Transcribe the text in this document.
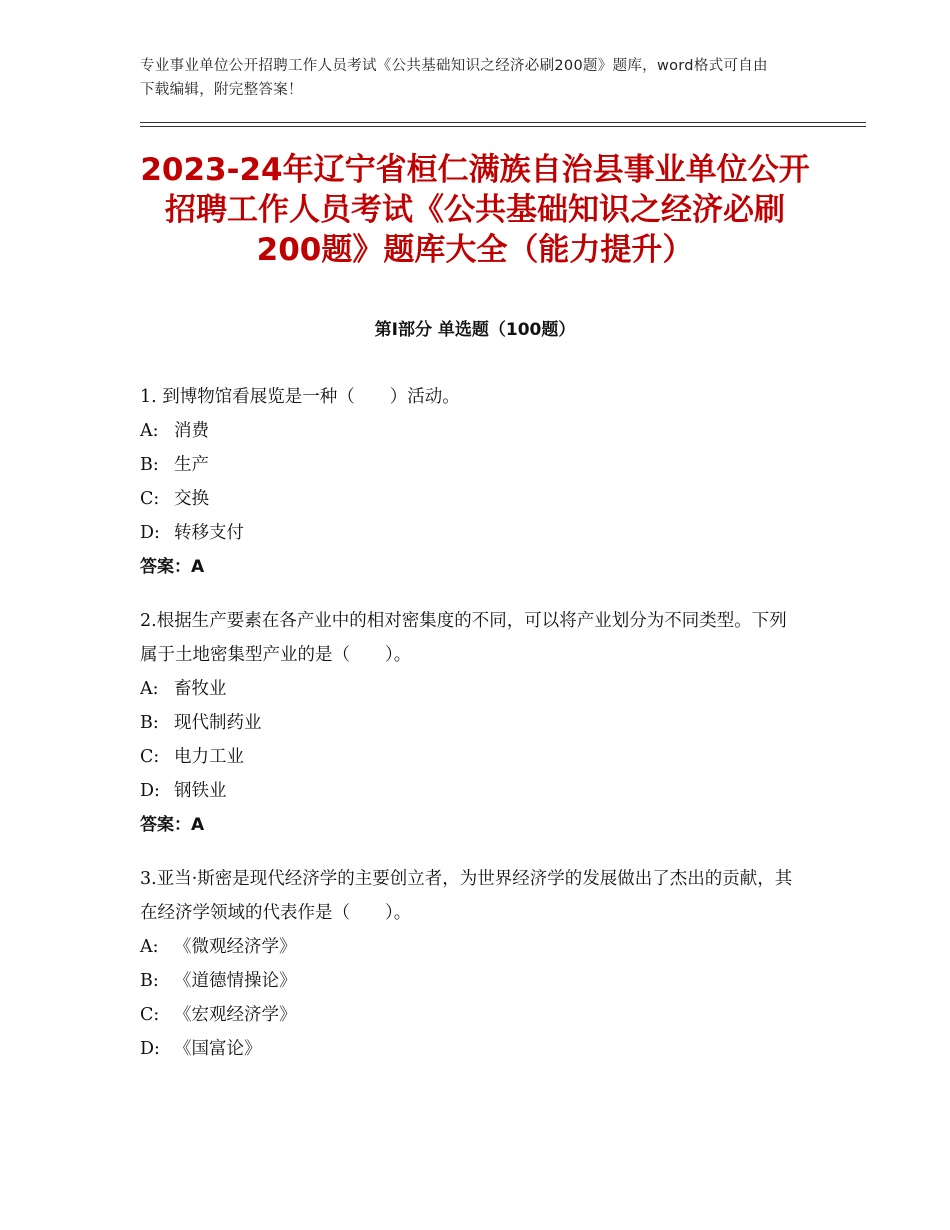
专业事业单位公开招聘工作人员考试《公共基础知识之经济必刷200题》题库，word格式可自由下载编辑，附完整答案！
2023-24年辽宁省桓仁满族自治县事业单位公开招聘工作人员考试《公共基础知识之经济必刷200题》题库大全（能力提升）
第Ⅰ部分 单选题（100题）
1. 到博物馆看展览是一种（　　）活动。
A: 消费
B: 生产
C: 交换
D: 转移支付
答案：A
2.根据生产要素在各产业中的相对密集度的不同，可以将产业划分为不同类型。下列属于土地密集型产业的是（　　）。
A: 畜牧业
B: 现代制药业
C: 电力工业
D: 钢铁业
答案：A
3.亚当·斯密是现代经济学的主要创立者，为世界经济学的发展做出了杰出的贡献，其在经济学领域的代表作是（　　）。
A: 《微观经济学》
B: 《道德情操论》
C: 《宏观经济学》
D: 《国富论》
